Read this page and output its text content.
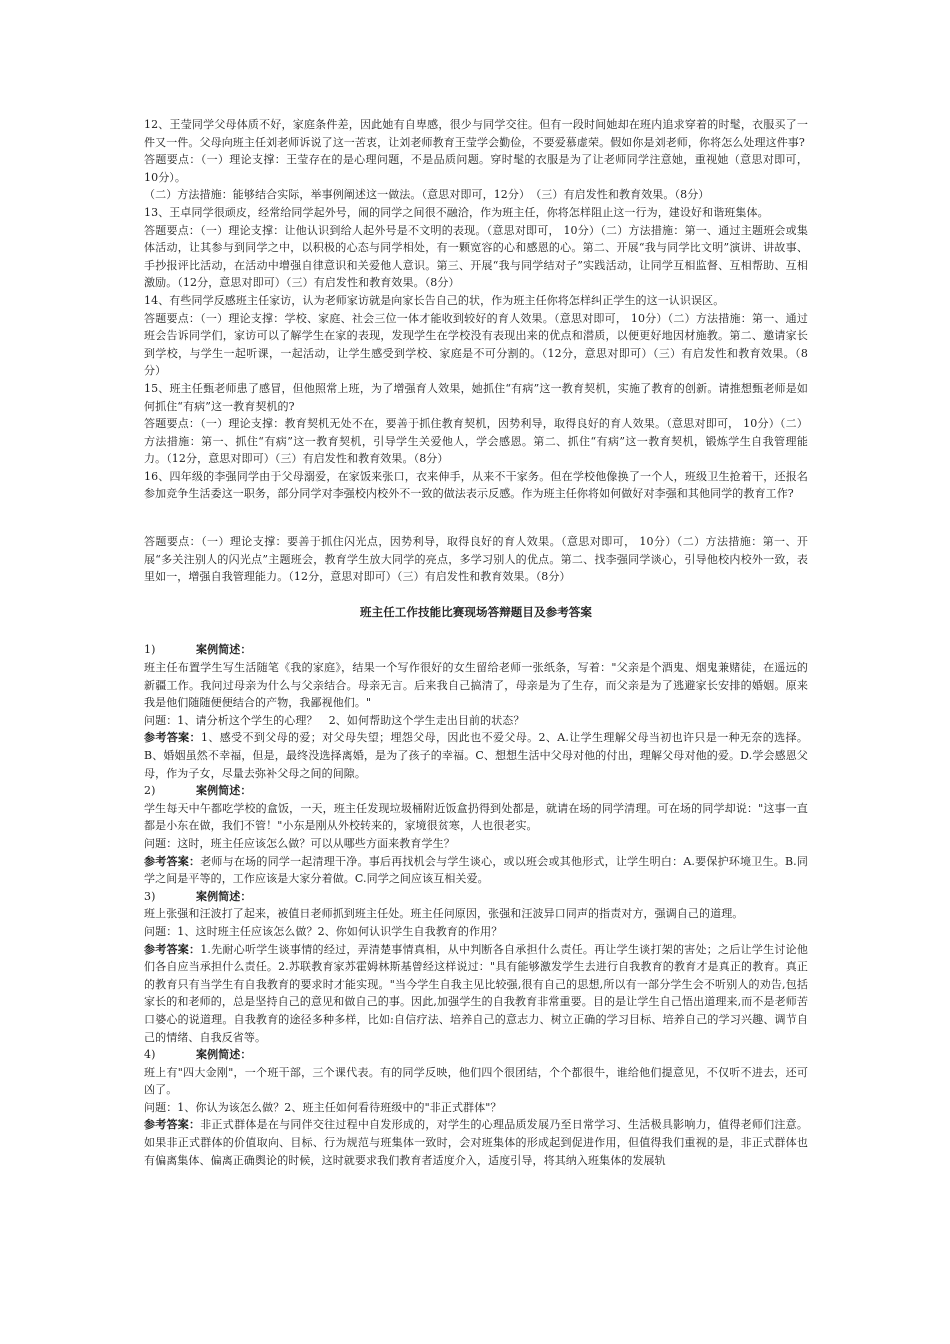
12、王莹同学父母体质不好，家庭条件差，因此她有自卑感，很少与同学交往。但有一段时间她却在班内追求穿着的时髦，衣服买了一件又一件。父母向班主任刘老师诉说了这一苦衷，让刘老师教育王莹学会勤俭，不要爱慕虚荣。假如你是刘老师，你将怎么处理这件事?

答题要点：（一）理论支撑：王莹存在的是心理问题，不是品质问题。穿时髦的衣服是为了让老师同学注意她，重视她（意思对即可， 10分）。

（二）方法措施：能够结合实际，举事例阐述这一做法。（意思对即可，12分）　（三）有启发性和教育效果。（8分）

13、王卓同学很顽皮，经常给同学起外号，闹的同学之间很不融洽，作为班主任，你将怎样阻止这一行为，建设好和谐班集体。

答题要点：（一）理论支撑：让他认识到给人起外号是不文明的表现。（意思对即可， 10分）（二）方法措施：第一、通过主题班会或集体活动，让其参与到同学之中，以积极的心态与同学相处，有一颗宽容的心和感恩的心。第二、开展“我与同学比文明”演讲、讲故事、手抄报评比活动，在活动中增强自律意识和关爱他人意识。第三、开展“我与同学结对子”实践活动，让同学互相监督、互相帮助、互相激励。（12分，意思对即可）（三）有启发性和教育效果。（8分）

14、有些同学反感班主任家访，认为老师家访就是向家长告自己的状，作为班主任你将怎样纠正学生的这一认识误区。

答题要点：（一）理论支撑：学校、家庭、社会三位一体才能收到较好的育人效果。（意思对即可， 10分）（二）方法措施：第一、通过班会告诉同学们，家访可以了解学生在家的表现，发现学生在学校没有表现出来的优点和潜质，以便更好地因材施教。第二、邀请家长到学校，与学生一起听课，一起活动，让学生感受到学校、家庭是不可分割的。（12分，意思对即可）（三）有启发性和教育效果。（8分）

15、班主任甄老师患了感冒，但他照常上班，为了增强育人效果，她抓住“有病”这一教育契机，实施了教育的创新。请推想甄老师是如何抓住“有病”这一教育契机的?

答题要点：（一）理论支撑：教育契机无处不在，要善于抓住教育契机，因势利导，取得良好的育人效果。（意思对即可， 10分）（二）方法措施：第一、抓住“有病”这一教育契机，引导学生关爱他人，学会感恩。第二、抓住“有病”这一教育契机，锻炼学生自我管理能力。（12分，意思对即可）（三）有启发性和教育效果。（8分）

16、四年级的李强同学由于父母溺爱，在家饭来张口，衣来伸手，从来不干家务。但在学校他像换了一个人，班级卫生抢着干，还报名参加竞争生活委这一职务，部分同学对李强校内校外不一致的做法表示反感。作为班主任你将如何做好对李强和其他同学的教育工作?

答题要点：（一）理论支撑：要善于抓住闪光点，因势利导，取得良好的育人效果。（意思对即可， 10分）（二）方法措施：第一、开展“多关注别人的闪光点”主题班会，教育学生放大同学的亮点，多学习别人的优点。第二、找李强同学谈心，引导他校内校外一致，表里如一，增强自我管理能力。（12分，意思对即可）（三）有启发性和教育效果。（8分）

班主任工作技能比赛现场答辩题目及参考答案
1)	案例简述：

班主任布置学生写生活随笔《我的家庭》，结果一个写作很好的女生留给老师一张纸条，写着："父亲是个酒鬼、烟鬼兼赌徒，在遥远的新疆工作。我问过母亲为什么与父亲结合。母亲无言。后来我自己搞清了，母亲是为了生存，而父亲是为了逃避家长安排的婚姻。原来我是他们随随便便结合的产物，我鄙视他们。"

问题：1、请分析这个学生的心理？　2、如何帮助这个学生走出目前的状态？

参考答案：1、感受不到父母的爱；对父母失望；埋怨父母，因此也不爱父母。2、A.让学生理解父母当初也许只是一种无奈的选择。B、婚姻虽然不幸福，但是，最终没选择离婚，是为了孩子的幸福。C、想想生活中父母对他的付出，理解父母对他的爱。D.学会感恩父母，作为子女，尽量去弥补父母之间的间隙。

2)	案例简述：

学生每天中午都吃学校的盒饭，一天，班主任发现垃圾桶附近饭盒扔得到处都是，就请在场的同学清理。可在场的同学却说："这事一直都是小东在做，我们不管！"小东是刚从外校转来的，家境很贫寒，人也很老实。

问题：这时，班主任应该怎么做？可以从哪些方面来教育学生？

参考答案：老师与在场的同学一起清理干净。事后再找机会与学生谈心，或以班会或其他形式，让学生明白：A.要保护环境卫生。B.同学之间是平等的，工作应该是大家分着做。C.同学之间应该互相关爱。

3)	案例简述：

班上张强和汪波打了起来，被值日老师抓到班主任处。班主任问原因，张强和汪波异口同声的指责对方，强调自己的道理。

问题：1、这时班主任应该怎么做？2、你如何认识学生自我教育的作用？

参考答案：1.先耐心听学生谈事情的经过，弄清楚事情真相，从中判断各自承担什么责任。再让学生谈打架的害处；之后让学生讨论他们各自应当承担什么责任。2.苏联教育家苏霍姆林斯基曾经这样说过："具有能够激发学生去进行自我教育的教育才是真正的教育。真正的教育只有当学生有自我教育的要求时才能实现。"当今学生自我主见比较强,很有自己的思想,所以有一部分学生会不听别人的劝告,包括家长的和老师的，总是坚持自己的意见和做自己的事。因此,加强学生的自我教育非常重要。目的是让学生自己悟出道理来,而不是老师苦口婆心的说道理。自我教育的途径多种多样，比如:自信疗法、培养自己的意志力、树立正确的学习目标、培养自己的学习兴趣、调节自己的情绪、自我反省等。

4)	案例简述：

班上有"四大金刚"，一个班干部，三个课代表。有的同学反映，他们四个很团结，个个都很牛，谁给他们提意见，不仅听不进去，还可凶了。

问题：1、你认为该怎么做？2、班主任如何看待班级中的"非正式群体"？

参考答案：非正式群体是在与同伴交往过程中自发形成的，对学生的心理品质发展乃至日常学习、生活极具影响力，值得老师们注意。如果非正式群体的价值取向、目标、行为规范与班集体一致时，会对班集体的形成起到促进作用，但值得我们重视的是，非正式群体也有偏离集体、偏离正确舆论的时候，这时就要求我们教育者适度介入，适度引导，将其纳入班集体的发展轨
